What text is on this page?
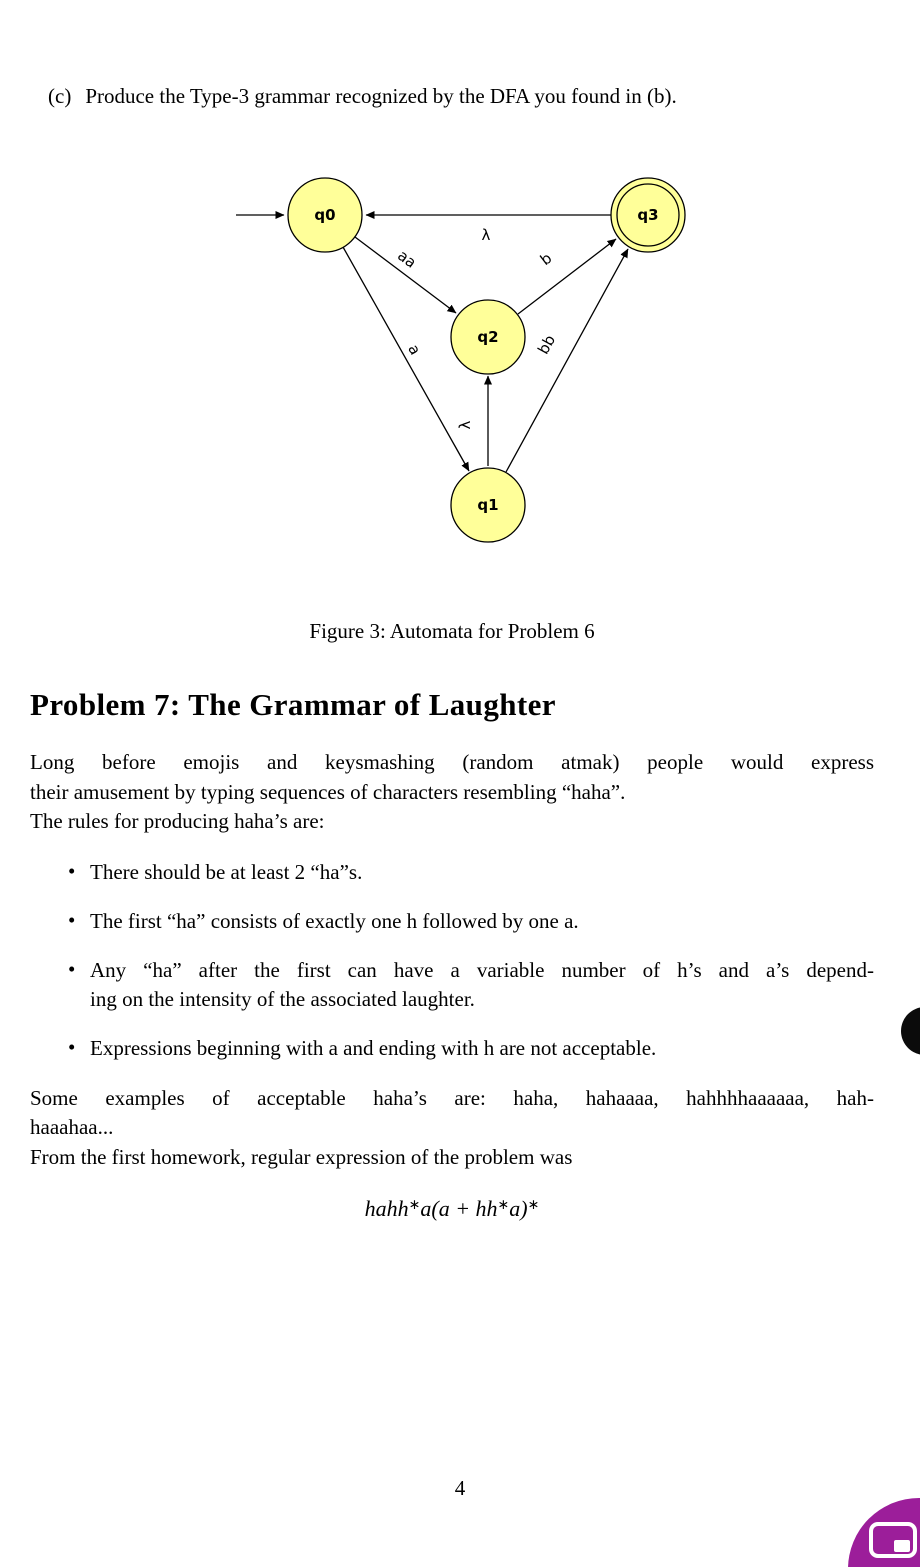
(c) Produce the Type-3 grammar recognized by the DFA you found in (b).
λ
aa
a
λ
b
bb
q0	q3
q2
q1
Figure 3: Automata for Problem 6
Problem 7: The Grammar of Laughter
Long before emojis and keysmashing (random atmak) people would express
their amusement by typing sequences of characters resembling “haha”.
The rules for producing haha’s are:
• There should be at least 2 “ha”s.
• The first “ha” consists of exactly one h followed by one a.
• Any “ha” after the first can have a variable number of h’s and a’s depend-
ing on the intensity of the associated laughter.
• Expressions beginning with a and ending with h are not acceptable.
Some examples of acceptable haha’s are: haha, hahaaaa, hahhhhaaaaaa, hah-
haaahaa...
From the first homework, regular expression of the problem was
hahh∗a(a + hh∗a)∗
4
